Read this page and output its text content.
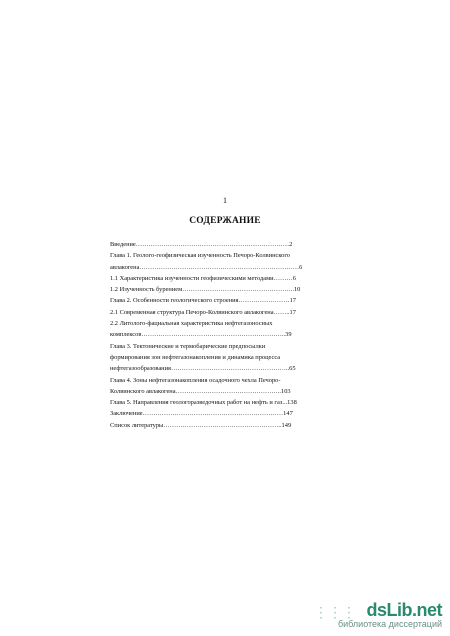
1
СОДЕРЖАНИЕ
Введение………………………………………………………………2
Глава 1. Геолого-геофизическая изученность Печоро-Колвинского
авлакогена…………………………………………………………………6
1.1 Характеристика изученности геофизическими методами………6
1.2 Изученность бурением……………………………………………..10
Глава 2. Особенности геологического строения……………………17
2.1 Современная структура Печоро-Колвинского авлакогена……..17
2.2 Литолого-фациальная характеристика нефтегазоносных
комплексов…………………………………………………………..39
Глава 3. Тектонические и термобарические предпосылки
формирования зон нефтегазонакопления и динамика процесса
нефтегазообразования………………………………………………..65
Глава 4. Зоны нефтегазонакопления осадочного чехла Печоро-
Колвинского авлакогена…………………………………………..103
Глава 5. Направления геологоразведочных работ на нефть и газ...138
Заключение…………………………………………………………147
Список литературы………………………………………………..149
⋮⋮⋮ dsLib.net
библиотека диссертаций
